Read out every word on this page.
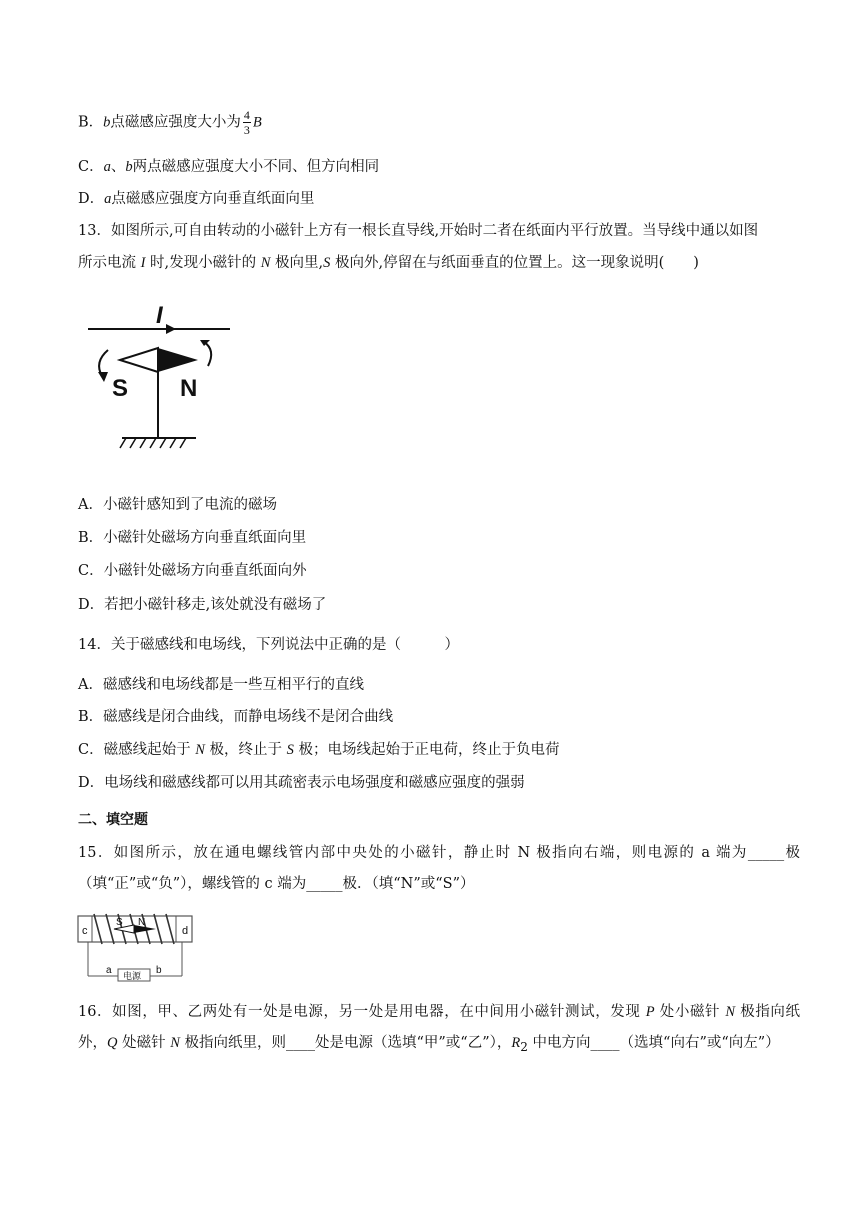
B．b点磁感应强度大小为 $\frac{4}{3}$ B
C．a、b两点磁感应强度大小不同、但方向相同
D．a点磁感应强度方向垂直纸面向里
13．如图所示,可自由转动的小磁针上方有一根长直导线,开始时二者在纸面内平行放置。当导线中通以如图
所示电流 I 时,发现小磁针的 N 极向里,S 极向外,停留在与纸面垂直的位置上。这一现象说明(　　)
I
S N
A．小磁针感知到了电流的磁场
B．小磁针处磁场方向垂直纸面向里
C．小磁针处磁场方向垂直纸面向外
D．若把小磁针移走,该处就没有磁场了
14．关于磁感线和电场线，下列说法中正确的是（　　　）
A．磁感线和电场线都是一些互相平行的直线
B．磁感线是闭合曲线，而静电场线不是闭合曲线
C．磁感线起始于 N 极，终止于 S 极；电场线起始于正电荷，终止于负电荷
D．电场线和磁感线都可以用其疏密表示电场强度和磁感应强度的强弱
二、填空题
15．如图所示，放在通电螺线管内部中央处的小磁针，静止时 N 极指向右端，则电源的 a 端为_____极（填“正”或“负”），螺线管的 c 端为_____极．（填“N”或“S”）
c	d
S N
电源
a	b
16．如图，甲、乙两处有一处是电源，另一处是用电器，在中间用小磁针测试，发现 P 处小磁针 N 极指向纸外，Q 处磁针 N 极指向纸里，则____处是电源（选填“甲”或“乙”），$R_2$ 中电方向____（选填“向右”或“向左”）
